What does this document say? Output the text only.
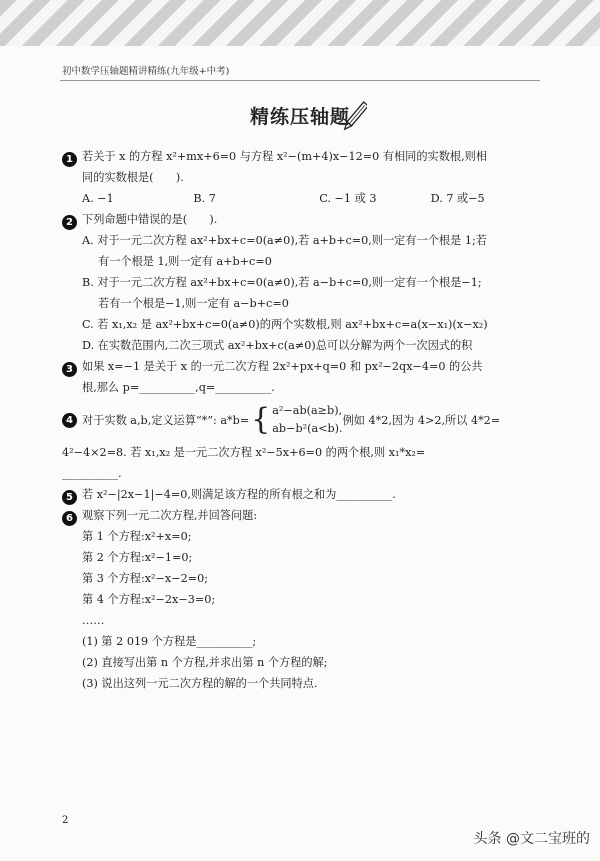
初中数学压轴题精讲精练(九年级+中考)
精练压轴题
1 若关于 x 的方程 x²+mx+6=0 与方程 x²−(m+4)x−12=0 有相同的实数根,则相
同的实数根是(　　).
A. −1	B. 7	C. −1 或 3	D. 7 或−5
2 下列命题中错误的是(　　).
A. 对于一元二次方程 ax²+bx+c=0(a≠0),若 a+b+c=0,则一定有一个根是 1;若
有一个根是 1,则一定有 a+b+c=0
B. 对于一元二次方程 ax²+bx+c=0(a≠0),若 a−b+c=0,则一定有一个根是−1;
若有一个根是−1,则一定有 a−b+c=0
C. 若 x₁,x₂ 是 ax²+bx+c=0(a≠0)的两个实数根,则 ax²+bx+c=a(x−x₁)(x−x₂)
D. 在实数范围内,二次三项式 ax²+bx+c(a≠0)总可以分解为两个一次因式的积
3 如果 x=−1 是关于 x 的一元二次方程 2x²+px+q=0 和 px²−2qx−4=0 的公共
根,那么 p=__________,q=__________.
4 对于实数 a,b,定义运算“*”: a*b= { a²−ab(a≥b),
ab−b²(a<b).
例如 4*2,因为 4>2,所以 4*2=
4²−4×2=8. 若 x₁,x₂ 是一元二次方程 x²−5x+6=0 的两个根,则 x₁*x₂=
__________.
5 若 x²−|2x−1|−4=0,则满足该方程的所有根之和为__________.
6 观察下列一元二次方程,并回答问题:
第 1 个方程:x²+x=0;
第 2 个方程:x²−1=0;
第 3 个方程:x²−x−2=0;
第 4 个方程:x²−2x−3=0;
……
(1) 第 2 019 个方程是__________;
(2) 直接写出第 n 个方程,并求出第 n 个方程的解;
(3) 说出这列一元二次方程的解的一个共同特点.
2
头条 @文二宝班的
